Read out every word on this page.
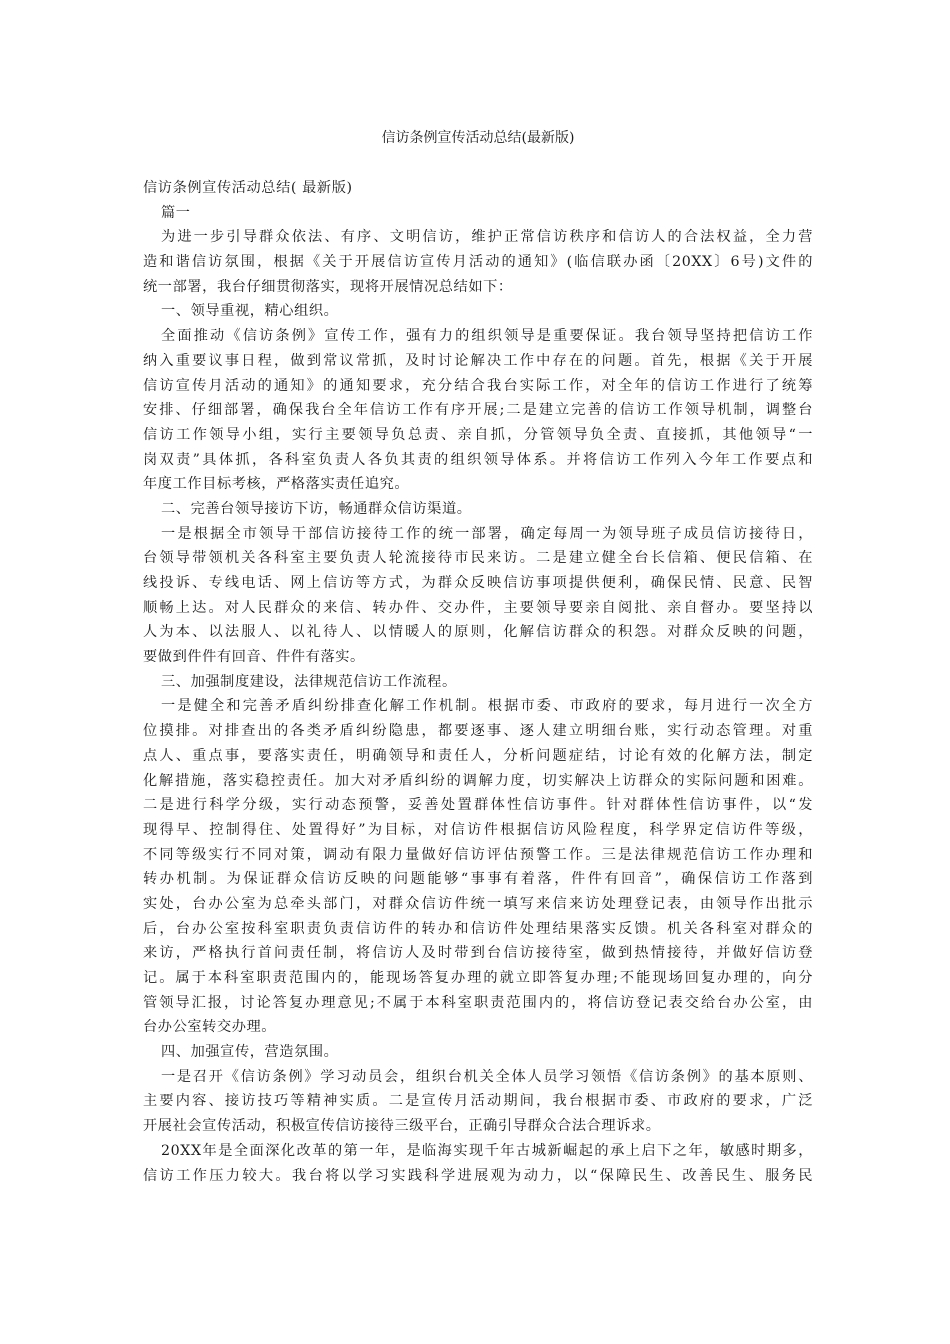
信访条例宣传活动总结(最新版)
信访条例宣传活动总结( 最新版)
篇一
为进一步引导群众依法、有序、文明信访，维护正常信访秩序和信访人的合法权益，全力营
造和谐信访氛围，根据《关于开展信访宣传月活动的通知》(临信联办函〔20XX〕6号)文件的
统一部署，我台仔细贯彻落实，现将开展情况总结如下：
一、领导重视，精心组织。
全面推动《信访条例》宣传工作，强有力的组织领导是重要保证。我台领导坚持把信访工作
纳入重要议事日程，做到常议常抓，及时讨论解决工作中存在的问题。首先，根据《关于开展
信访宣传月活动的通知》的通知要求，充分结合我台实际工作，对全年的信访工作进行了统筹
安排、仔细部署，确保我台全年信访工作有序开展;二是建立完善的信访工作领导机制，调整台
信访工作领导小组，实行主要领导负总责、亲自抓，分管领导负全责、直接抓，其他领导“一
岗双责”具体抓，各科室负责人各负其责的组织领导体系。并将信访工作列入今年工作要点和
年度工作目标考核，严格落实责任追究。
二、完善台领导接访下访，畅通群众信访渠道。
一是根据全市领导干部信访接待工作的统一部署，确定每周一为领导班子成员信访接待日，
台领导带领机关各科室主要负责人轮流接待市民来访。二是建立健全台长信箱、便民信箱、在
线投诉、专线电话、网上信访等方式，为群众反映信访事项提供便利，确保民情、民意、民智
顺畅上达。对人民群众的来信、转办件、交办件，主要领导要亲自阅批、亲自督办。要坚持以
人为本、以法服人、以礼待人、以情暖人的原则，化解信访群众的积怨。对群众反映的问题，
要做到件件有回音、件件有落实。
三、加强制度建设，法律规范信访工作流程。
一是健全和完善矛盾纠纷排查化解工作机制。根据市委、市政府的要求，每月进行一次全方
位摸排。对排查出的各类矛盾纠纷隐患，都要逐事、逐人建立明细台账，实行动态管理。对重
点人、重点事，要落实责任，明确领导和责任人，分析问题症结，讨论有效的化解方法，制定
化解措施，落实稳控责任。加大对矛盾纠纷的调解力度，切实解决上访群众的实际问题和困难。
二是进行科学分级，实行动态预警，妥善处置群体性信访事件。针对群体性信访事件，以“发
现得早、控制得住、处置得好”为目标，对信访件根据信访风险程度，科学界定信访件等级，
不同等级实行不同对策，调动有限力量做好信访评估预警工作。三是法律规范信访工作办理和
转办机制。为保证群众信访反映的问题能够“事事有着落，件件有回音”，确保信访工作落到
实处，台办公室为总牵头部门，对群众信访件统一填写来信来访处理登记表，由领导作出批示
后，台办公室按科室职责负责信访件的转办和信访件处理结果落实反馈。机关各科室对群众的
来访，严格执行首问责任制，将信访人及时带到台信访接待室，做到热情接待，并做好信访登
记。属于本科室职责范围内的，能现场答复办理的就立即答复办理;不能现场回复办理的，向分
管领导汇报，讨论答复办理意见;不属于本科室职责范围内的，将信访登记表交给台办公室，由
台办公室转交办理。
四、加强宣传，营造氛围。
一是召开《信访条例》学习动员会，组织台机关全体人员学习领悟《信访条例》的基本原则、
主要内容、接访技巧等精神实质。二是宣传月活动期间，我台根据市委、市政府的要求，广泛
开展社会宣传活动，积极宣传信访接待三级平台，正确引导群众合法合理诉求。
20XX年是全面深化改革的第一年，是临海实现千年古城新崛起的承上启下之年，敏感时期多，
信访工作压力较大。我台将以学习实践科学进展观为动力，以“保障民生、改善民生、服务民
